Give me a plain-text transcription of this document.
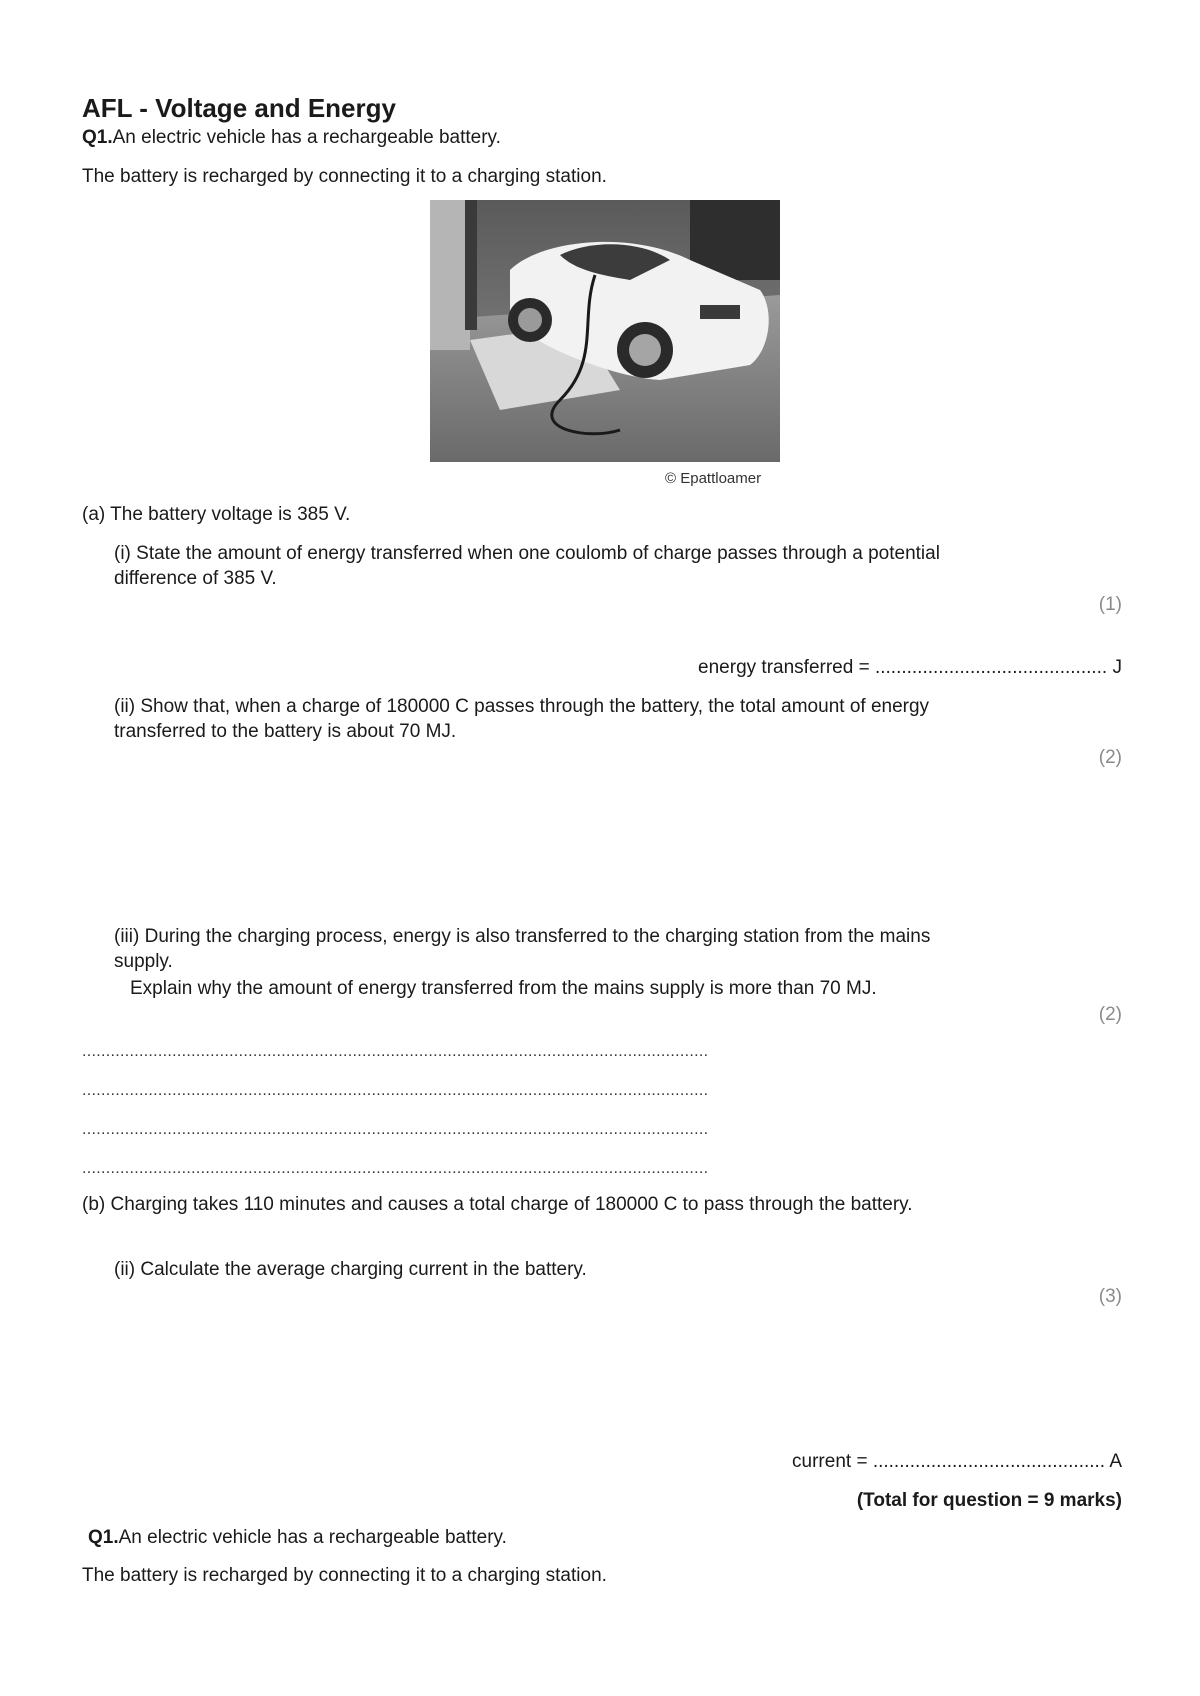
AFL - Voltage and Energy
Q1.An electric vehicle has a rechargeable battery.
The battery is recharged by connecting it to a charging station.
© Epattloamer
(a) The battery voltage is 385 V.
(i) State the amount of energy transferred when one coulomb of charge passes through a potential
difference of 385 V.
(1)
energy transferred = ............................................ J
(ii) Show that, when a charge of 180000 C passes through the battery, the total amount of energy
transferred to the battery is about 70 MJ.
(2)
(iii) During the charging process, energy is also transferred to the charging station from the mains
supply.
Explain why the amount of energy transferred from the mains supply is more than 70 MJ.
(2)
....................................................................................................................................
....................................................................................................................................
....................................................................................................................................
....................................................................................................................................
(b) Charging takes 110 minutes and causes a total charge of 180000 C to pass through the battery.
(ii) Calculate the average charging current in the battery.
(3)
current = ............................................ A
(Total for question = 9 marks)
Q1.An electric vehicle has a rechargeable battery.
The battery is recharged by connecting it to a charging station.
